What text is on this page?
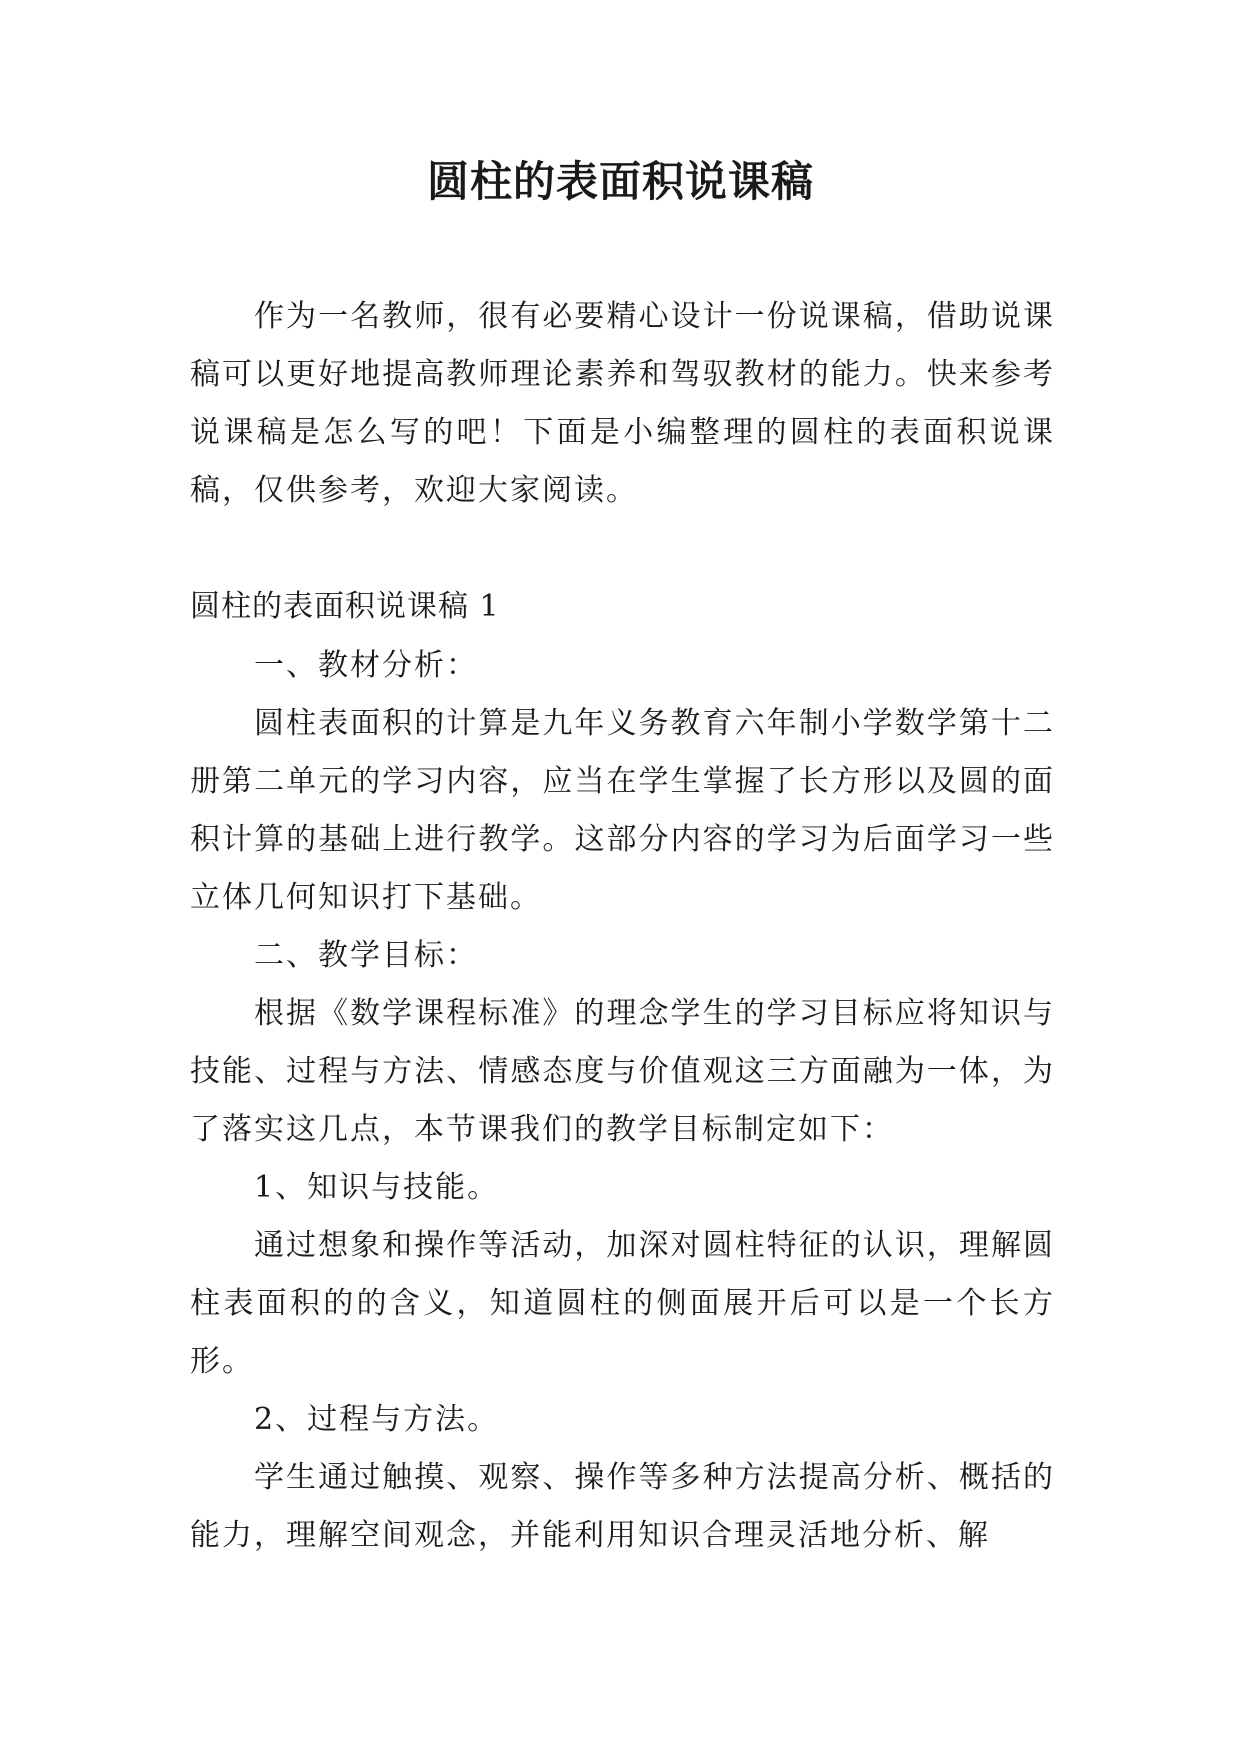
圆柱的表面积说课稿

作为一名教师，很有必要精心设计一份说课稿，借助说课稿可以更好地提高教师理论素养和驾驭教材的能力。快来参考说课稿是怎么写的吧！下面是小编整理的圆柱的表面积说课稿，仅供参考，欢迎大家阅读。

圆柱的表面积说课稿 1

一、教材分析：

圆柱表面积的计算是九年义务教育六年制小学数学第十二册第二单元的学习内容，应当在学生掌握了长方形以及圆的面积计算的基础上进行教学。这部分内容的学习为后面学习一些立体几何知识打下基础。

二、教学目标：

根据《数学课程标准》的理念学生的学习目标应将知识与技能、过程与方法、情感态度与价值观这三方面融为一体，为了落实这几点，本节课我们的教学目标制定如下：

1、知识与技能。

通过想象和操作等活动，加深对圆柱特征的认识，理解圆柱表面积的的含义，知道圆柱的侧面展开后可以是一个长方形。

2、过程与方法。

学生通过触摸、观察、操作等多种方法提高分析、概括的能力，理解空间观念，并能利用知识合理灵活地分析、解
